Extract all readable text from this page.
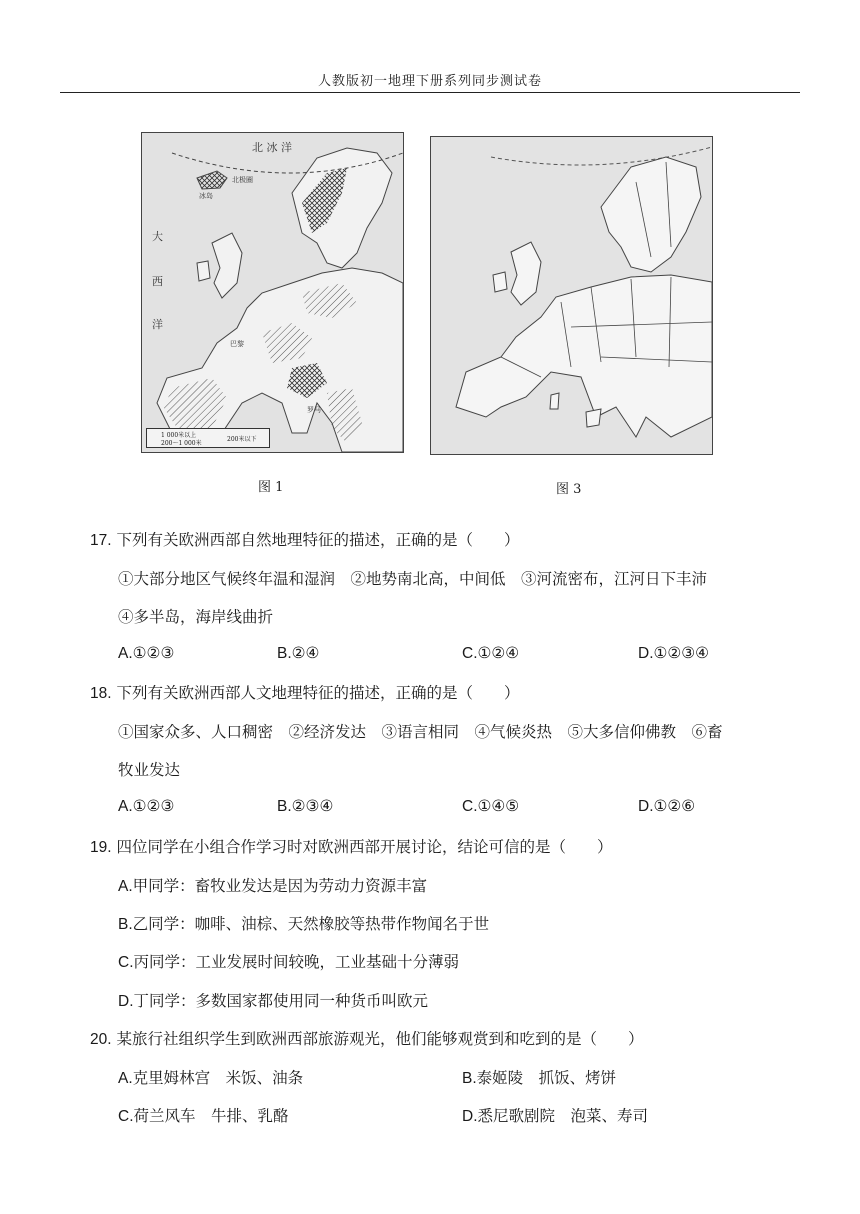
人教版初一地理下册系列同步测试卷
北 冰 洋
大
西
洋
冰岛
北极圈
巴黎
罗马
1 000米以上
200～1 000米
200米以下
图 1	图 3
17. 下列有关欧洲西部自然地理特征的描述，正确的是（　　）
①大部分地区气候终年温和湿润　②地势南北高，中间低　③河流密布，江河日下丰沛
④多半岛，海岸线曲折
A.①②③	B.②④	C.①②④	D.①②③④
18. 下列有关欧洲西部人文地理特征的描述，正确的是（　　）
①国家众多、人口稠密　②经济发达　③语言相同　④气候炎热　⑤大多信仰佛教　⑥畜
牧业发达
A.①②③	B.②③④	C.①④⑤	D.①②⑥
19. 四位同学在小组合作学习时对欧洲西部开展讨论，结论可信的是（　　）
A.甲同学：畜牧业发达是因为劳动力资源丰富
B.乙同学：咖啡、油棕、天然橡胶等热带作物闻名于世
C.丙同学：工业发展时间较晚，工业基础十分薄弱
D.丁同学：多数国家都使用同一种货币叫欧元
20. 某旅行社组织学生到欧洲西部旅游观光，他们能够观赏到和吃到的是（　　）
A.克里姆林宫　米饭、油条	B.泰姬陵　抓饭、烤饼
C.荷兰风车　牛排、乳酪	D.悉尼歌剧院　泡菜、寿司
